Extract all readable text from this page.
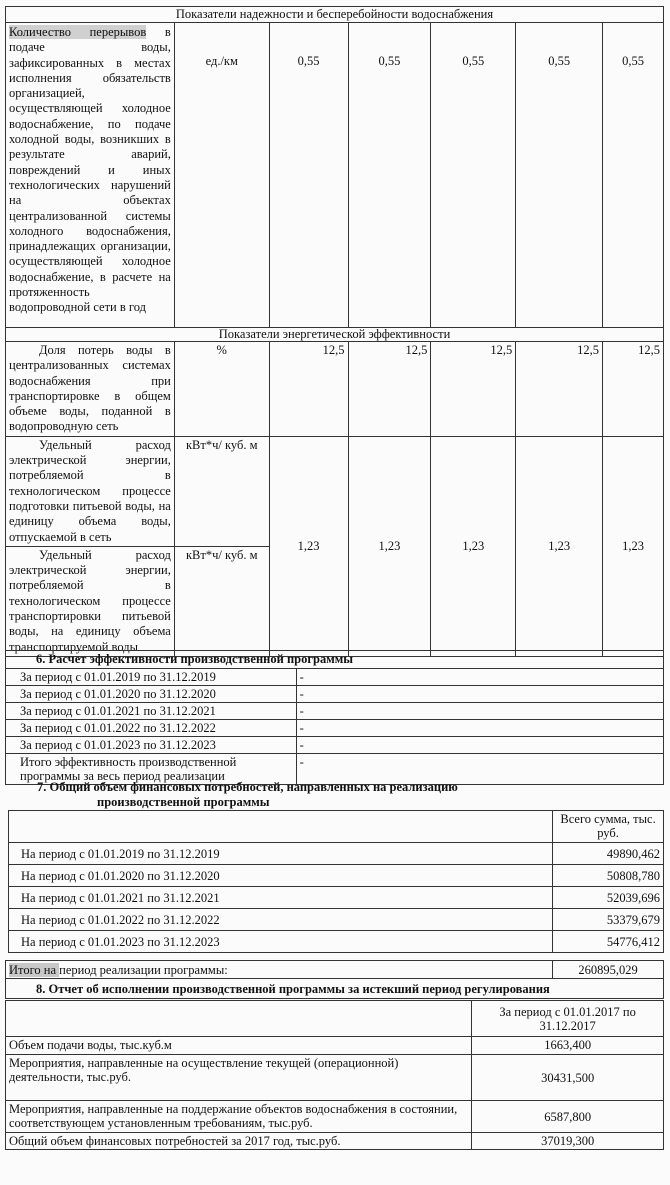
Показатели надежности и бесперебойности водоснабжения						
Количество перерывов в подаче воды, зафиксированных в местах исполнения обязательств организацией, осуществляющей холодное водоснабжение, по подаче холодной воды, возникших в результате аварий, повреждений и иных технологических нарушений на объектах централизованной системы холодного водоснабжения, принадлежащих организации, осуществляющей холодное водоснабжение, в расчете на протяженность водопроводной сети в год	ед./км	0,55	0,55	0,55	0,55	0,55
Показатели энергетической эффективности						
Доля потерь воды в централизованных системах водоснабжения при транспортировке в общем объеме воды, поданной в водопроводную сеть	%	12,5	12,5	12,5	12,5	12,5
Удельный расход электрической энергии, потребляемой в технологическом процессе подготовки питьевой воды, на единицу объема воды, отпускаемой в сеть	кВт*ч/ куб. м	1,23	1,23	1,23	1,23	1,23
Удельный расход электрической энергии, потребляемой в технологическом процессе транспортировки питьевой воды, на единицу объема транспортируемой воды	кВт*ч/ куб. м					
6. Расчет эффективности производственной программы	
За период с 01.01.2019 по 31.12.2019	-
За период с 01.01.2020 по 31.12.2020	-
За период с 01.01.2021 по 31.12.2021	-
За период с 01.01.2022 по 31.12.2022	-
За период с 01.01.2023 по 31.12.2023	-
Итого эффективность производственной программы за весь период реализации	-
7. Общий объем финансовых потребностей, направленных на реализацию
производственной программы
	Всего сумма, тыс. руб.
На период с 01.01.2019 по 31.12.2019	49890,462
На период с 01.01.2020 по 31.12.2020	50808,780
На период с 01.01.2021 по 31.12.2021	52039,696
На период с 01.01.2022 по 31.12.2022	53379,679
На период с 01.01.2023 по 31.12.2023	54776,412
Итого на период реализации программы:	260895,029
8. Отчет об исполнении производственной программы за истекший период регулирования
	За период с 01.01.2017 по 31.12.2017
Объем подачи воды, тыс.куб.м	1663,400
Мероприятия, направленные на осуществление текущей (операционной) деятельности, тыс.руб.	30431,500
Мероприятия, направленные на поддержание объектов водоснабжения в состоянии, соответствующем установленным требованиям, тыс.руб.	6587,800
Общий объем финансовых потребностей за 2017 год, тыс.руб.	37019,300
